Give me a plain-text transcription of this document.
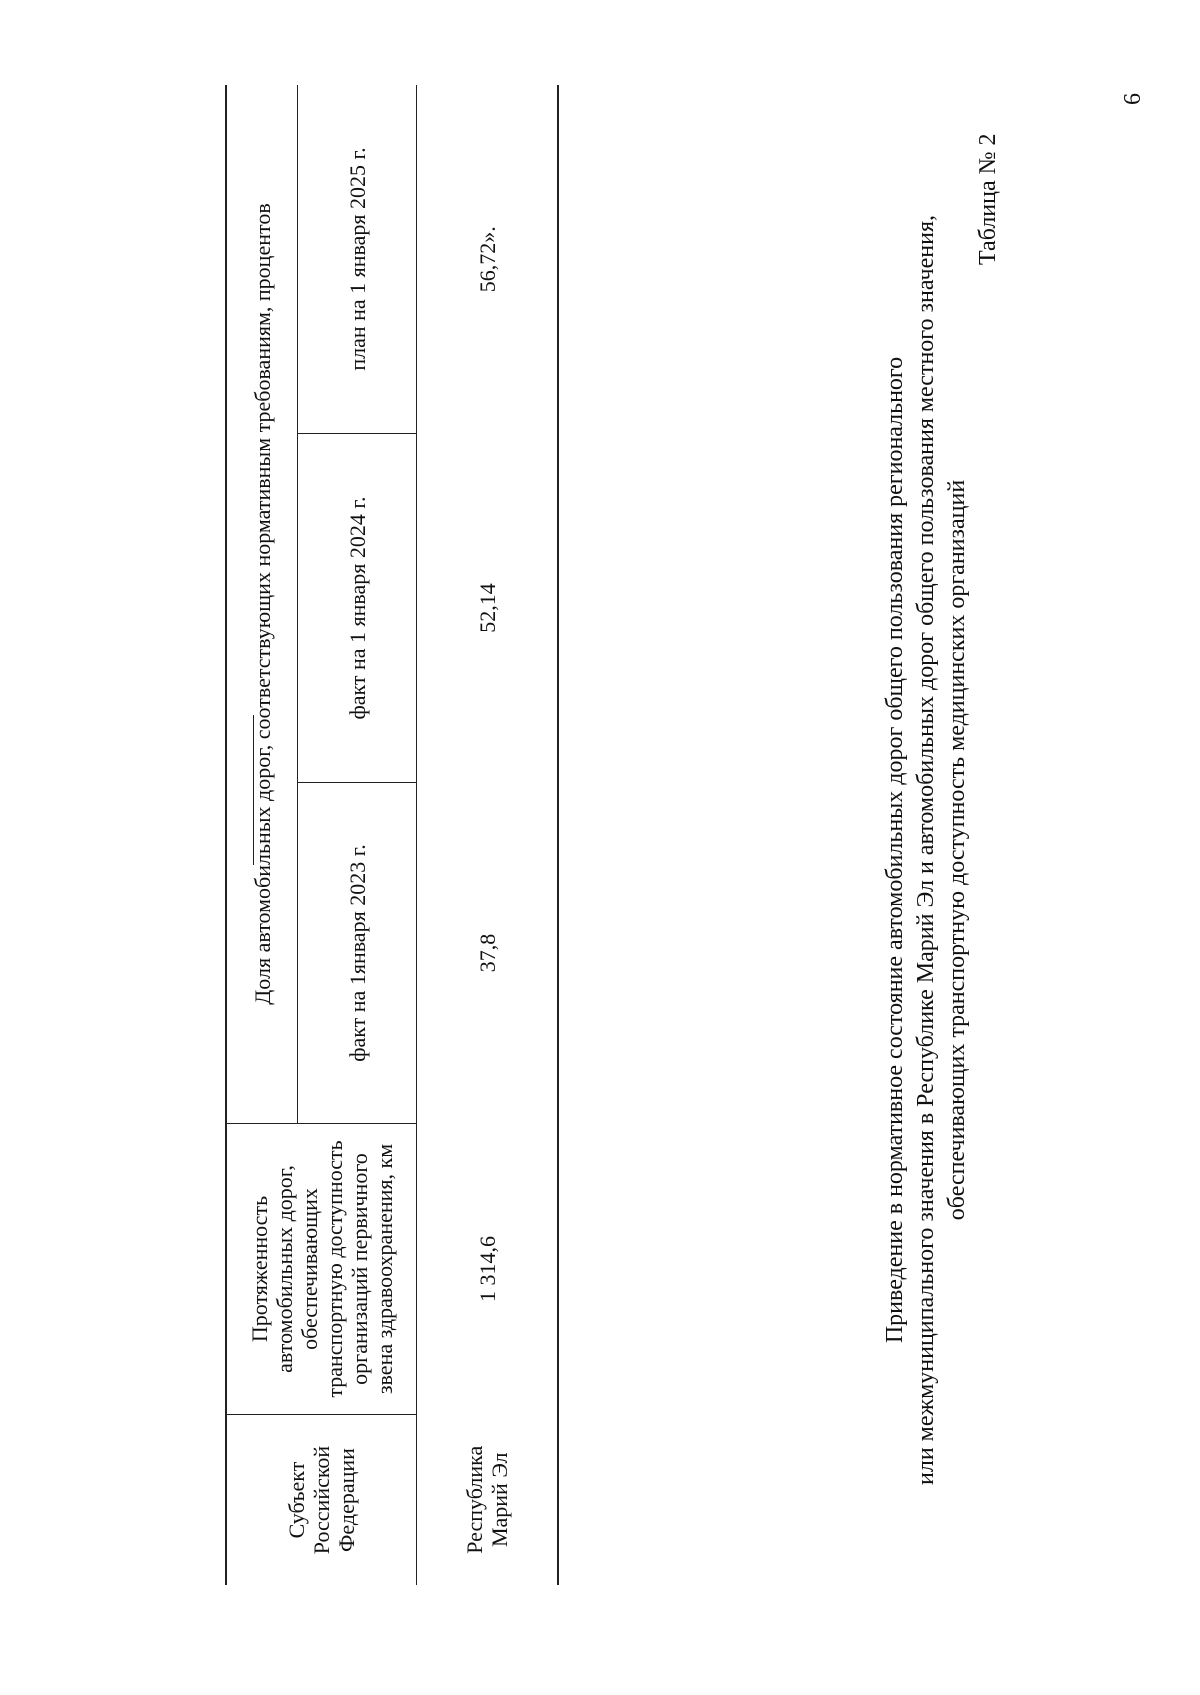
6
Таблица № 2
Приведение в нормативное состояние автомобильных дорог общего пользования регионального или межмуниципального значения в Республике Марий Эл и автомобильных дорог общего пользования местного значения, обеспечивающих транспортную доступность медицинских организаций
Субъект Российской Федерации	Протяженность автомобильных дорог, обеспечивающих транспортную доступность организаций первичного звена здравоохранения, км	Доля автомобильных дорог, соответствующих нормативным требованиям, процентов		
		факт на 1января 2023 г.	факт на 1 января 2024 г.	план на 1 января 2025 г.
Республика Марий Эл	1 314,6	37,8	52,14	56,72».
